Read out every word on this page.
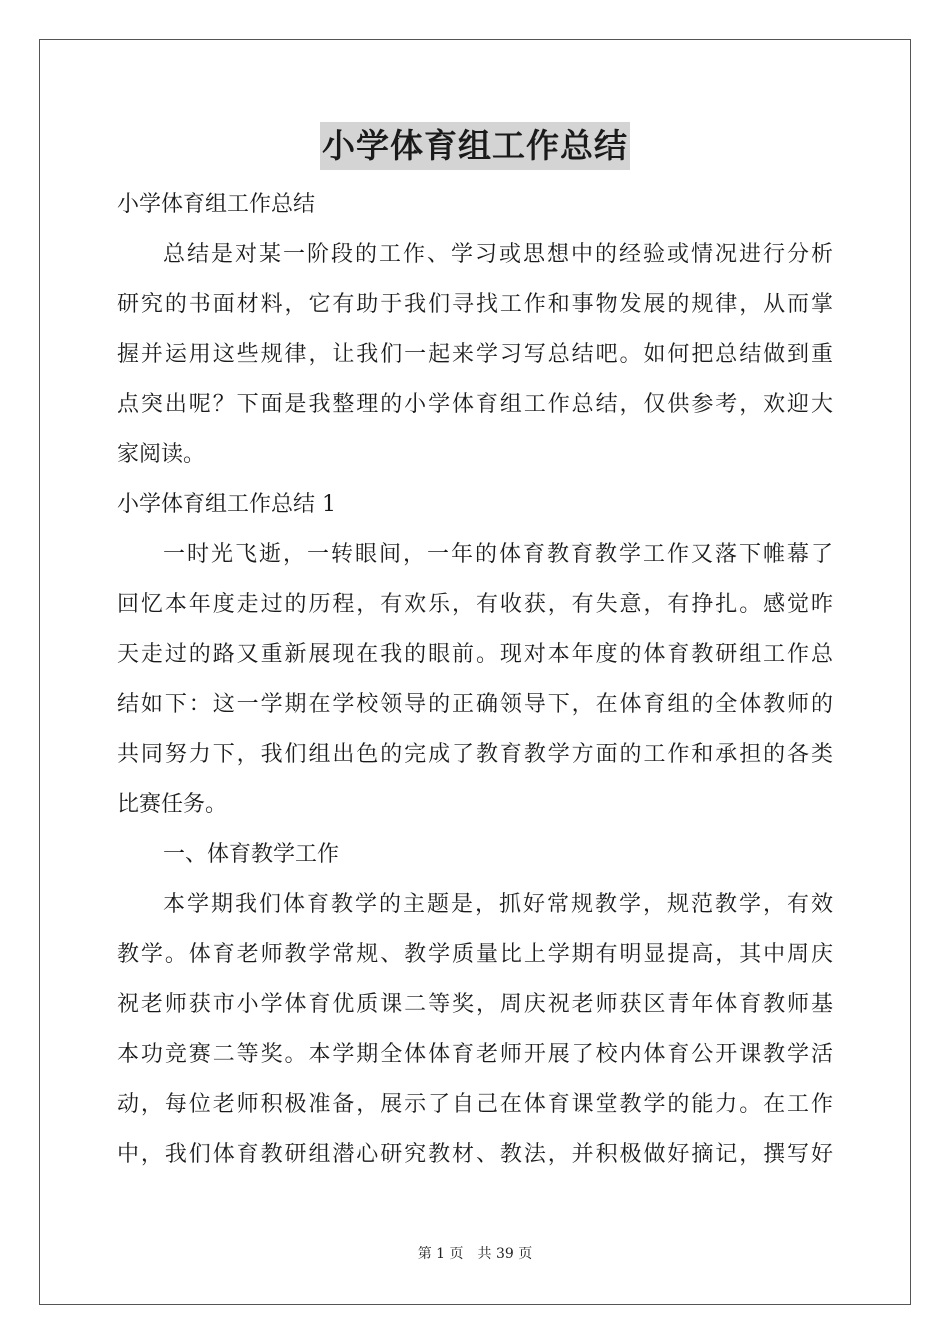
小学体育组工作总结
小学体育组工作总结
总结是对某一阶段的工作、学习或思想中的经验或情况进行分析
研究的书面材料，它有助于我们寻找工作和事物发展的规律，从而掌
握并运用这些规律，让我们一起来学习写总结吧。如何把总结做到重
点突出呢？下面是我整理的小学体育组工作总结，仅供参考，欢迎大
家阅读。
小学体育组工作总结 1
一时光飞逝，一转眼间，一年的体育教育教学工作又落下帷幕了
回忆本年度走过的历程，有欢乐，有收获，有失意，有挣扎。感觉昨
天走过的路又重新展现在我的眼前。现对本年度的体育教研组工作总
结如下：这一学期在学校领导的正确领导下，在体育组的全体教师的
共同努力下，我们组出色的完成了教育教学方面的工作和承担的各类
比赛任务。
一、体育教学工作
本学期我们体育教学的主题是，抓好常规教学，规范教学，有效
教学。体育老师教学常规、教学质量比上学期有明显提高，其中周庆
祝老师获市小学体育优质课二等奖，周庆祝老师获区青年体育教师基
本功竞赛二等奖。本学期全体体育老师开展了校内体育公开课教学活
动，每位老师积极准备，展示了自己在体育课堂教学的能力。在工作
中，我们体育教研组潜心研究教材、教法，并积极做好摘记，撰写好
第 1 页 共 39 页
